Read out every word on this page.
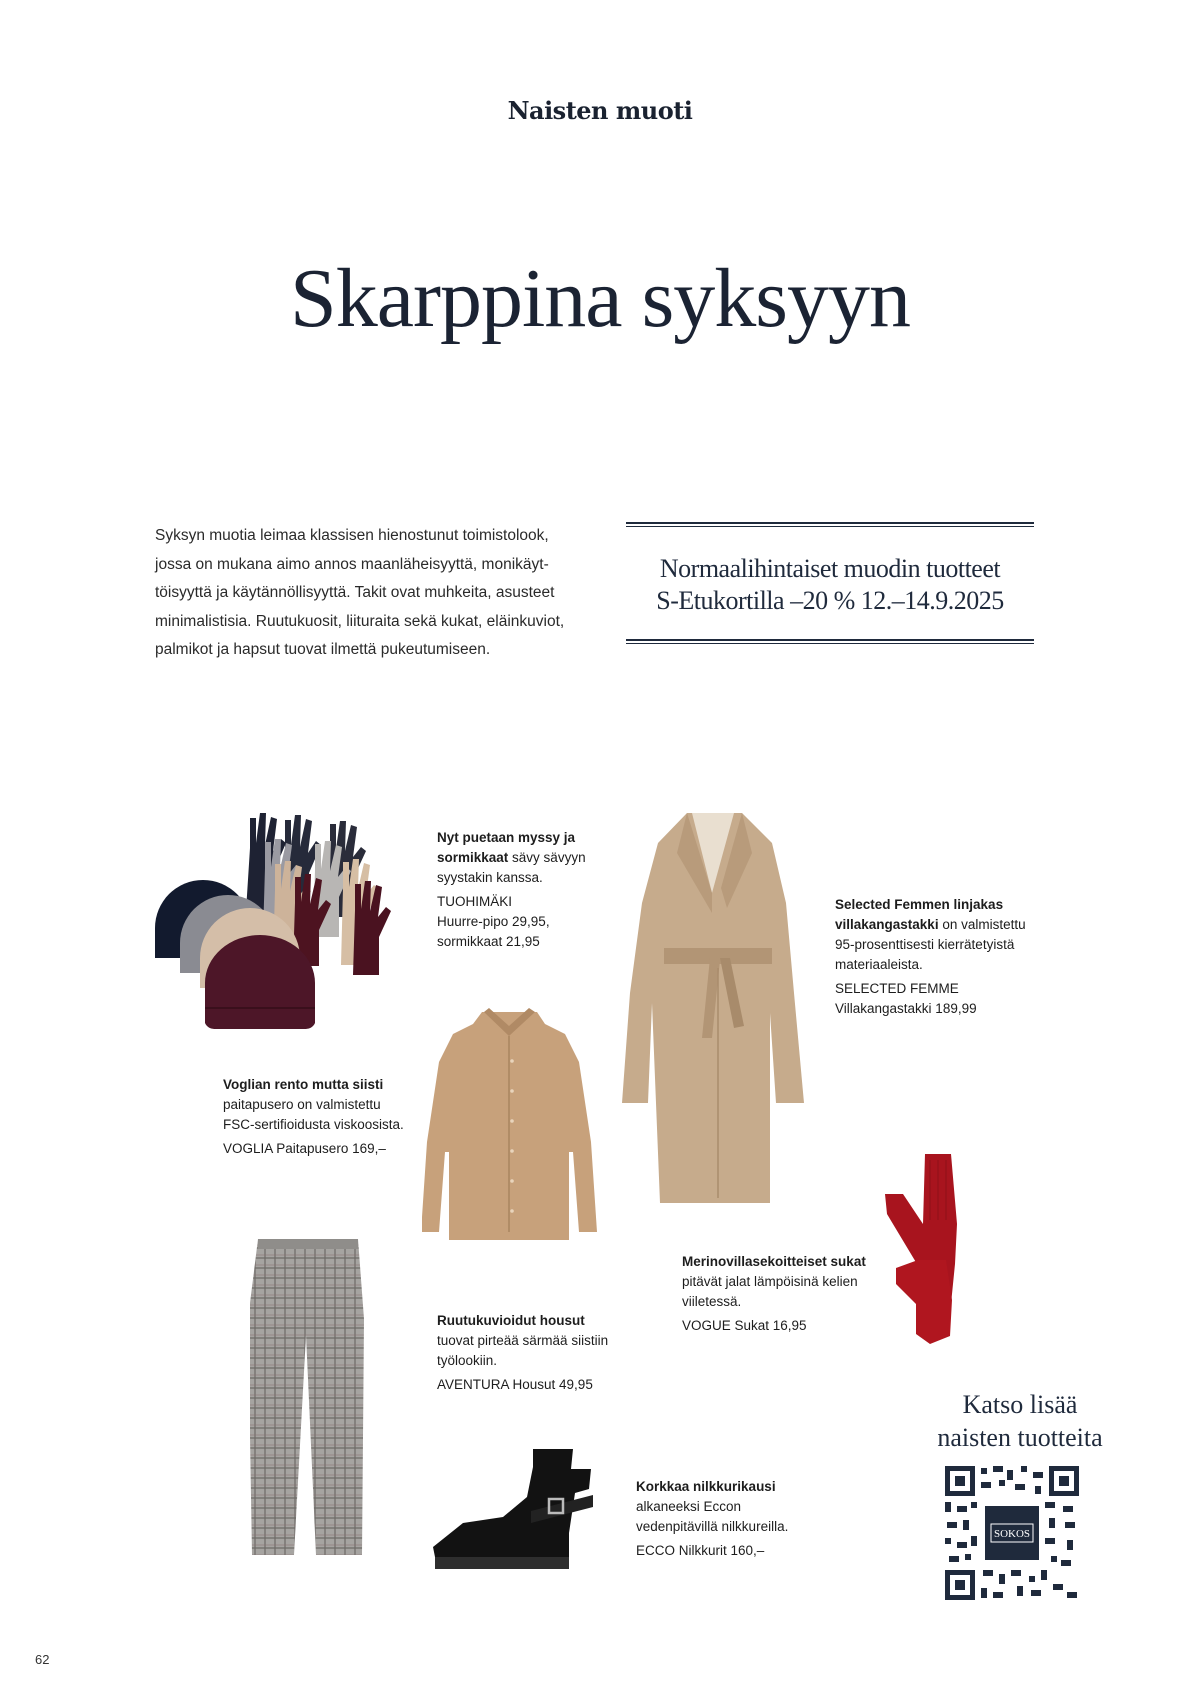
Naisten muoti
Skarppina syksyyn

Syksyn muotia leimaa klassisen hienostunut toimistolook, jossa on mukana aimo annos maanläheisyyttä, monikäyt-töisyyttä ja käytännöllisyyttä. Takit ovat muhkeita, asusteet minimalistisia. Ruutukuosit, liituraita sekä kukat, eläinkuviot, palmikot ja hapsut tuovat ilmettä pukeutumiseen.

Normaalihintaiset muodin tuotteet
S-Etukortilla –20 % 12.–14.9.2025
Nyt puetaan myssy ja sormikkaat sävy sävyyn syystakin kanssa.
TUOHIMÄKI
Huurre-pipo 29,95,
sormikkaat 21,95
Selected Femmen linjakas villakangastakki on valmistettu 95-prosenttisesti kierrätetyistä materiaaleista.
SELECTED FEMME
Villakangastakki 189,99
Voglian rento mutta siisti
paitapusero on valmistettu FSC-sertifioidusta viskoosista.
VOGLIA Paitapusero 169,–
Merinovillasekoitteiset sukat
pitävät jalat lämpöisinä kelien viiletessä.
VOGUE Sukat 16,95
Ruutukuvioidut housut
tuovat pirteää särmää siistiin työlookiin.
AVENTURA Housut 49,95
Korkkaa nilkkurikausi
alkaneeksi Eccon vedenpitävillä nilkkureilla.
ECCO Nilkkurit 160,–
Katso lisää
naisten tuotteita
SOKOS
62
